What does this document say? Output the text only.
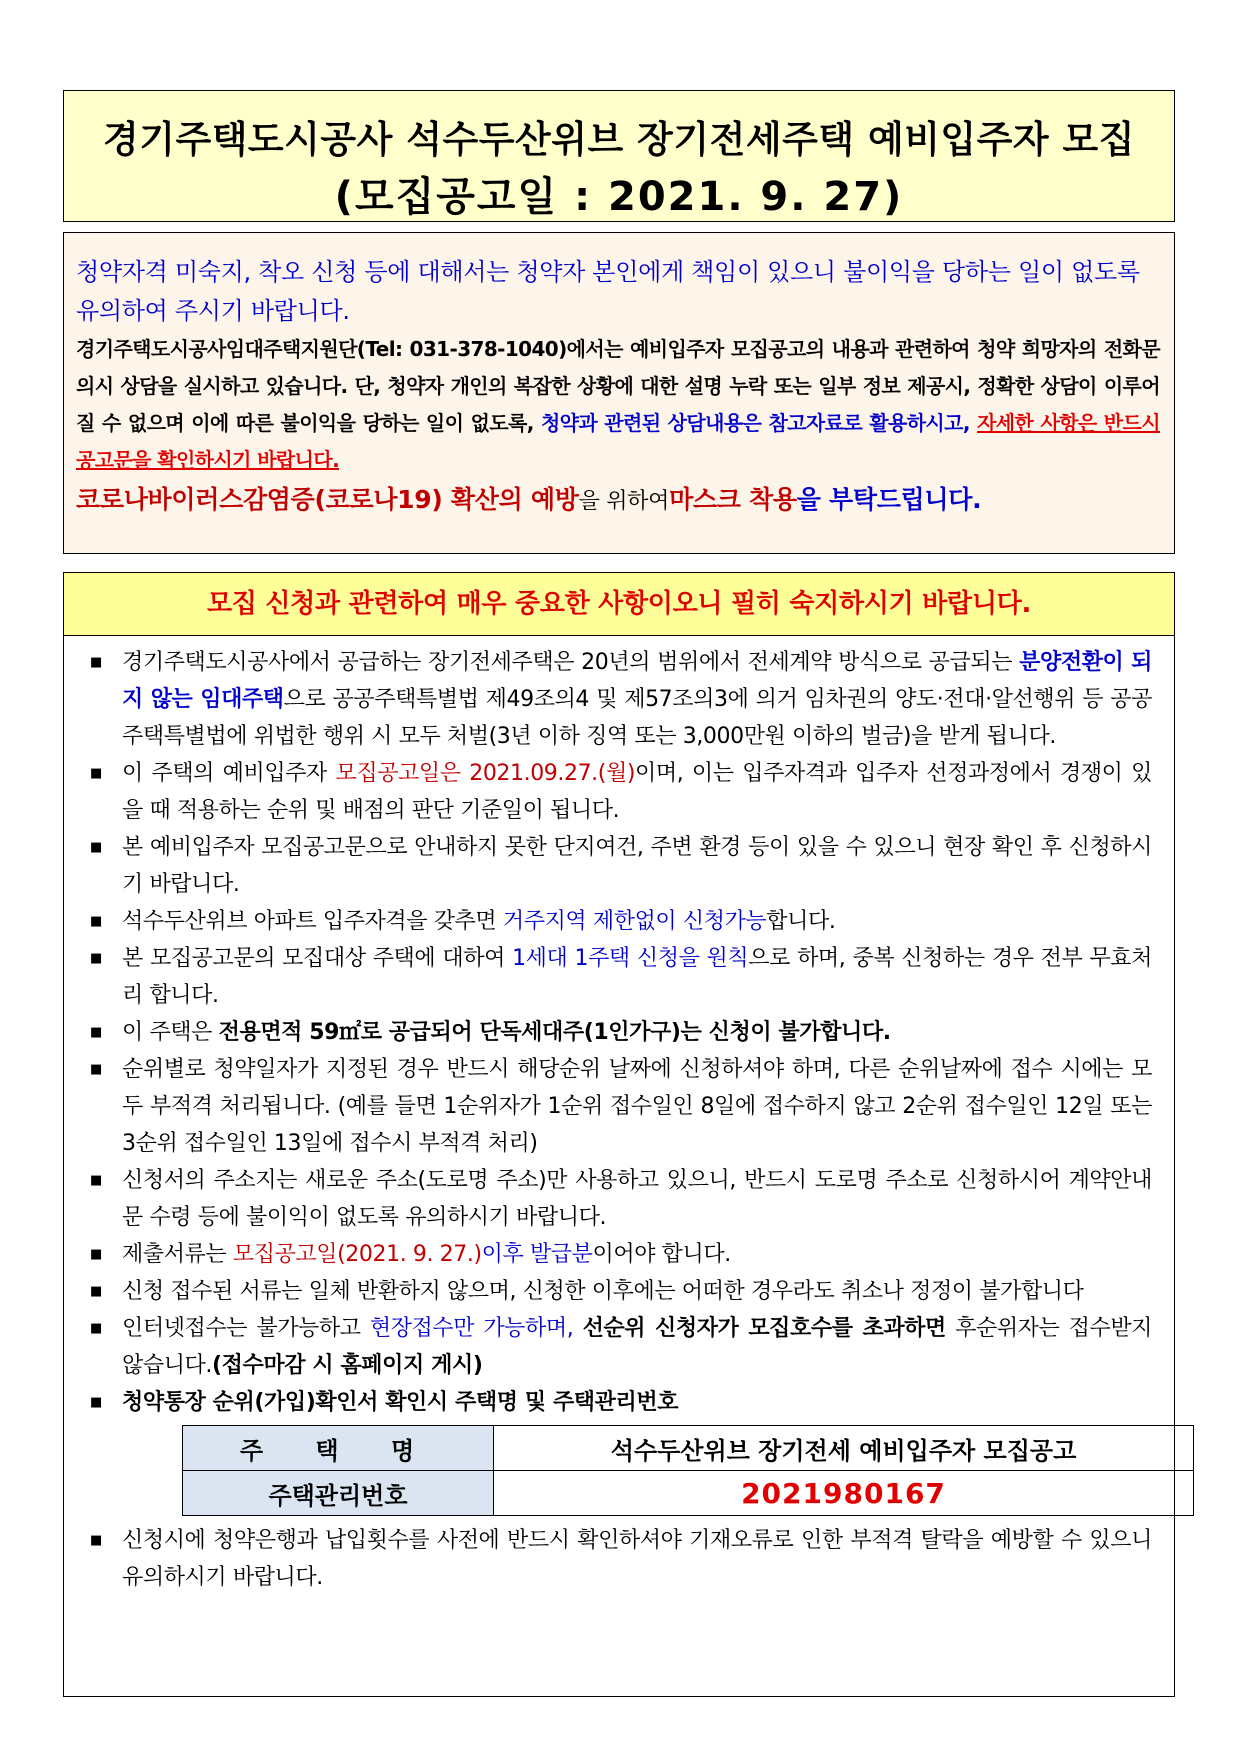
경기주택도시공사 석수두산위브 장기전세주택 예비입주자 모집
(모집공고일 : 2021. 9. 27)
청약자격 미숙지, 착오 신청 등에 대해서는 청약자 본인에게 책임이 있으니 불이익을 당하는 일이 없도록 유의하여 주시기 바랍니다.
경기주택도시공사임대주택지원단(Tel: 031-378-1040)에서는 예비입주자 모집공고의 내용과 관련하여 청약 희망자의 전화문의시 상담을 실시하고 있습니다. 단, 청약자 개인의 복잡한 상황에 대한 설명 누락 또는 일부 정보 제공시, 정확한 상담이 이루어질 수 없으며 이에 따른 불이익을 당하는 일이 없도록, 청약과 관련된 상담내용은 참고자료로 활용하시고, 자세한 사항은 반드시 공고문을 확인하시기 바랍니다.
코로나바이러스감염증(코로나19) 확산의 예방을 위하여마스크 착용을 부탁드립니다.
모집 신청과 관련하여 매우 중요한 사항이오니 필히 숙지하시기 바랍니다.
■ 경기주택도시공사에서 공급하는 장기전세주택은 20년의 범위에서 전세계약 방식으로 공급되는 분양전환이 되지 않는 임대주택으로 공공주택특별법 제49조의4 및 제57조의3에 의거 임차권의 양도·전대·알선행위 등 공공주택특별법에 위법한 행위 시 모두 처벌(3년 이하 징역 또는 3,000만원 이하의 벌금)을 받게 됩니다.
■ 이 주택의 예비입주자 모집공고일은 2021.09.27.(월)이며, 이는 입주자격과 입주자 선정과정에서 경쟁이 있을 때 적용하는 순위 및 배점의 판단 기준일이 됩니다.
■ 본 예비입주자 모집공고문으로 안내하지 못한 단지여건, 주변 환경 등이 있을 수 있으니 현장 확인 후 신청하시기 바랍니다.
■ 석수두산위브 아파트 입주자격을 갖추면 거주지역 제한없이 신청가능합니다.
■ 본 모집공고문의 모집대상 주택에 대하여 1세대 1주택 신청을 원칙으로 하며, 중복 신청하는 경우 전부 무효처리 합니다.
■ 이 주택은 전용면적 59㎡로 공급되어 단독세대주(1인가구)는 신청이 불가합니다.
■ 순위별로 청약일자가 지정된 경우 반드시 해당순위 날짜에 신청하셔야 하며, 다른 순위날짜에 접수 시에는 모두 부적격 처리됩니다. (예를 들면 1순위자가 1순위 접수일인 8일에 접수하지 않고 2순위 접수일인 12일 또는 3순위 접수일인 13일에 접수시 부적격 처리)
■ 신청서의 주소지는 새로운 주소(도로명 주소)만 사용하고 있으니, 반드시 도로명 주소로 신청하시어 계약안내문 수령 등에 불이익이 없도록 유의하시기 바랍니다.
■ 제출서류는 모집공고일(2021. 9. 27.)이후 발급분이어야 합니다.
■ 신청 접수된 서류는 일체 반환하지 않으며, 신청한 이후에는 어떠한 경우라도 취소나 정정이 불가합니다
■ 인터넷접수는 불가능하고 현장접수만 가능하며, 선순위 신청자가 모집호수를 초과하면 후순위자는 접수받지 않습니다.(접수마감 시 홈페이지 게시)
■ 청약통장 순위(가입)확인서 확인시 주택명 및 주택관리번호
주 택 명	석수두산위브 장기전세 예비입주자 모집공고
주택관리번호	2021980167
■ 신청시에 청약은행과 납입횟수를 사전에 반드시 확인하셔야 기재오류로 인한 부적격 탈락을 예방할 수 있으니 유의하시기 바랍니다.
